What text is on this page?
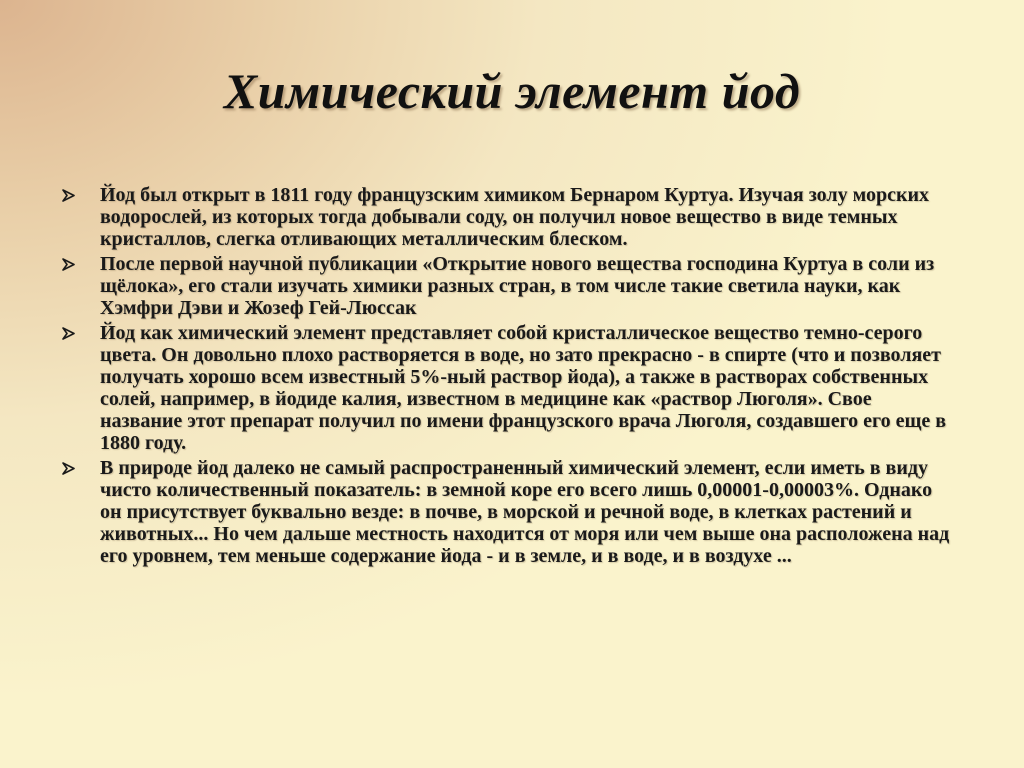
Химический элемент йод
Йод был открыт в 1811 году французским химиком Бернаром Куртуа. Изучая золу морских водорослей, из которых тогда добывали соду, он получил новое вещество в виде темных кристаллов, слегка отливающих металлическим блеском.
После первой научной публикации «Открытие нового вещества господина Куртуа в соли из щёлока», его стали изучать химики разных стран, в том числе такие светила науки, как Хэмфри Дэви и Жозеф Гей-Люссак
Йод как химический элемент представляет собой кристаллическое вещество темно-серого цвета. Он довольно плохо растворяется в воде, но зато прекрасно - в спирте (что и позволяет получать хорошо всем известный 5%-ный раствор йода), а также в растворах собственных солей, например, в йодиде калия, известном в медицине как «раствор Люголя». Свое название этот препарат получил по имени французского врача Люголя, создавшего его еще в 1880 году.
В природе йод далеко не самый распространенный химический элемент, если иметь в виду чисто количественный показатель: в земной коре его всего лишь 0,00001-0,00003%. Однако он присутствует буквально везде: в почве, в морской и речной воде, в клетках растений и животных... Но чем дальше местность находится от моря или чем выше она расположена над его уровнем, тем меньше содержание йода - и в земле, и в воде, и в воздухе ...
